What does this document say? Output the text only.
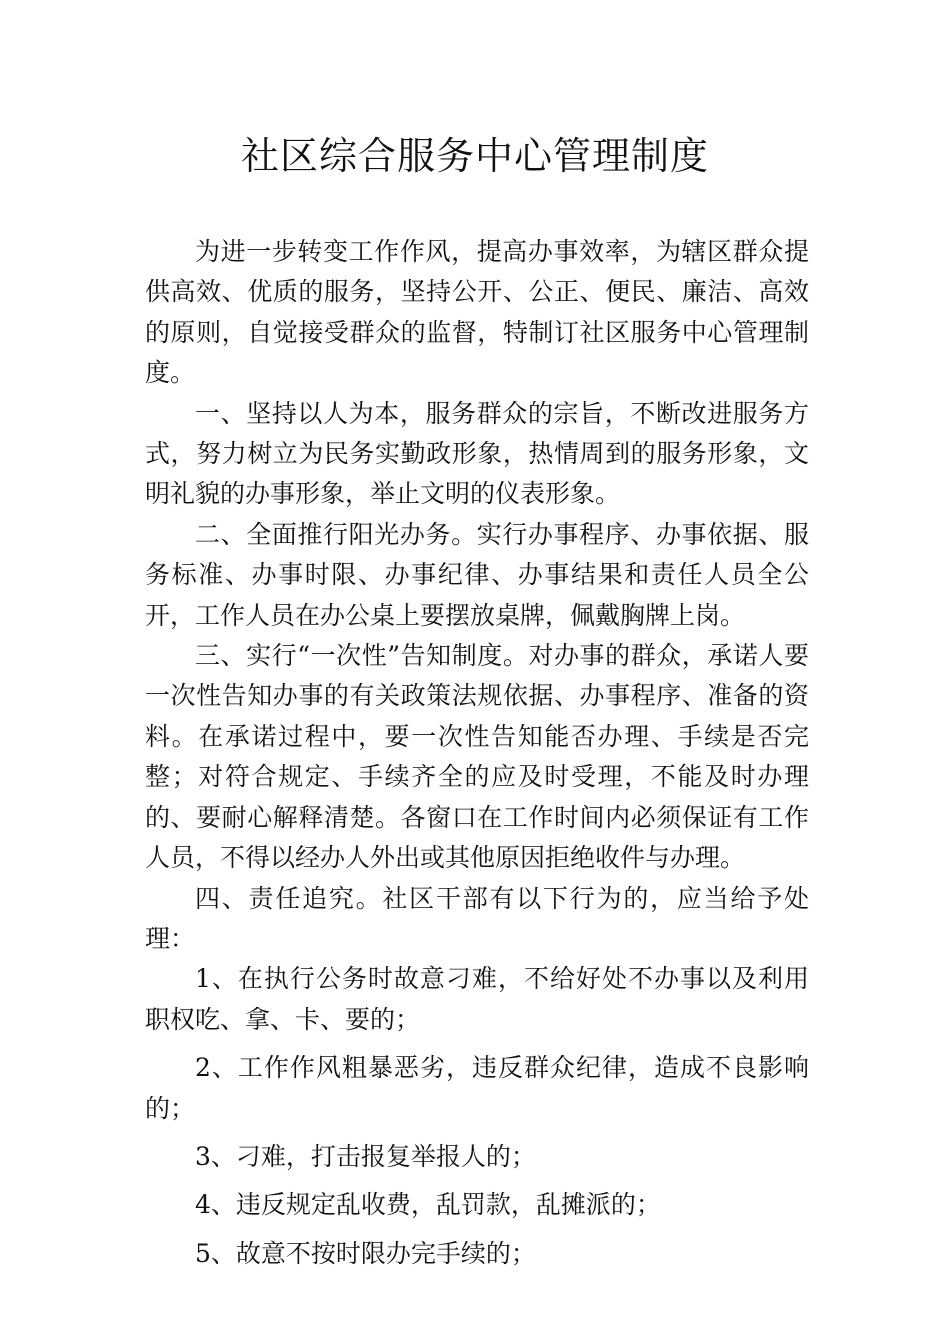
社区综合服务中心管理制度

为进一步转变工作作风，提高办事效率，为辖区群众提供高效、优质的服务，坚持公开、公正、便民、廉洁、高效的原则，自觉接受群众的监督，特制订社区服务中心管理制度。

一、坚持以人为本，服务群众的宗旨，不断改进服务方式，努力树立为民务实勤政形象，热情周到的服务形象，文明礼貌的办事形象，举止文明的仪表形象。

二、全面推行阳光办务。实行办事程序、办事依据、服务标准、办事时限、办事纪律、办事结果和责任人员全公开，工作人员在办公桌上要摆放桌牌，佩戴胸牌上岗。

三、实行“一次性”告知制度。对办事的群众，承诺人要一次性告知办事的有关政策法规依据、办事程序、准备的资料。在承诺过程中，要一次性告知能否办理、手续是否完整；对符合规定、手续齐全的应及时受理，不能及时办理的、要耐心解释清楚。各窗口在工作时间内必须保证有工作人员，不得以经办人外出或其他原因拒绝收件与办理。

四、责任追究。社区干部有以下行为的，应当给予处理：

1、在执行公务时故意刁难，不给好处不办事以及利用职权吃、拿、卡、要的；

2、工作作风粗暴恶劣，违反群众纪律，造成不良影响的；

3、刁难，打击报复举报人的；

4、违反规定乱收费，乱罚款，乱摊派的；

5、故意不按时限办完手续的；
